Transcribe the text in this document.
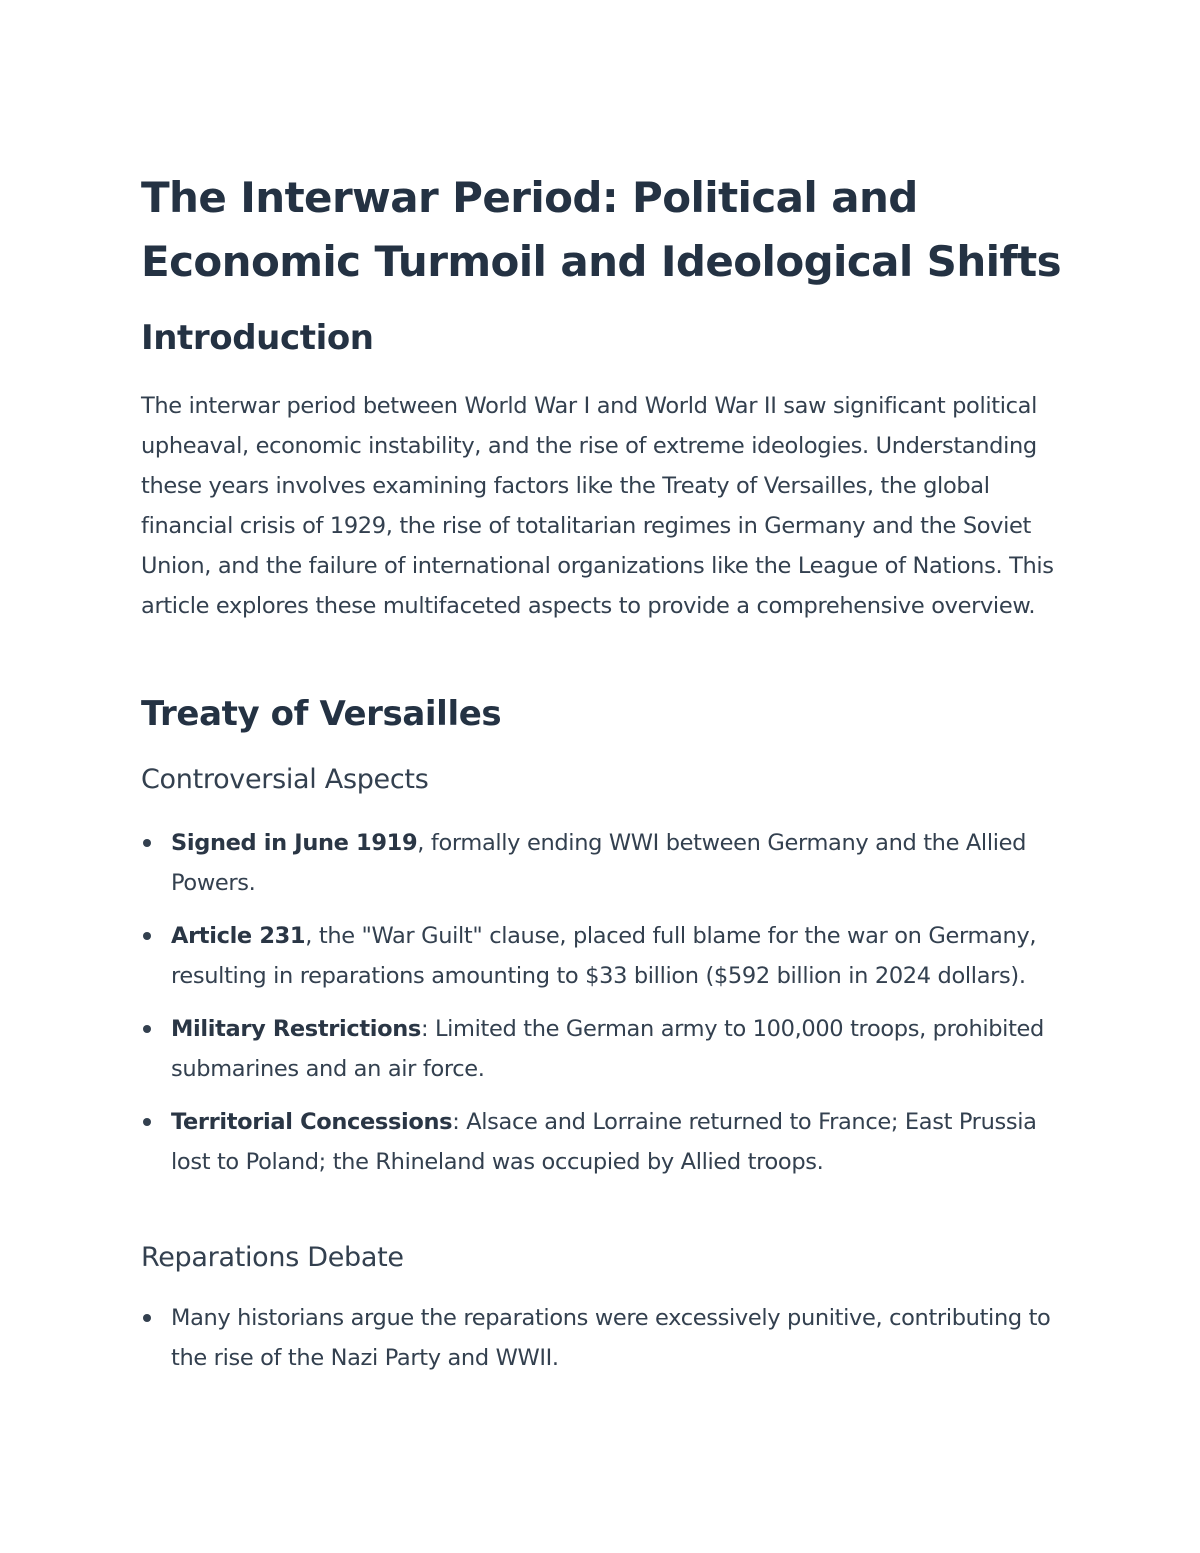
The Interwar Period: Political and Economic Turmoil and Ideological Shifts
Introduction

The interwar period between World War I and World War II saw significant political upheaval, economic instability, and the rise of extreme ideologies. Understanding these years involves examining factors like the Treaty of Versailles, the global financial crisis of 1929, the rise of totalitarian regimes in Germany and the Soviet Union, and the failure of international organizations like the League of Nations. This article explores these multifaceted aspects to provide a comprehensive overview.

Treaty of Versailles
Controversial Aspects
Signed in June 1919, formally ending WWI between Germany and the Allied Powers.
Article 231, the "War Guilt" clause, placed full blame for the war on Germany, resulting in reparations amounting to $33 billion ($592 billion in 2024 dollars).
Military Restrictions: Limited the German army to 100,000 troops, prohibited submarines and an air force.
Territorial Concessions: Alsace and Lorraine returned to France; East Prussia lost to Poland; the Rhineland was occupied by Allied troops.
Reparations Debate
Many historians argue the reparations were excessively punitive, contributing to the rise of the Nazi Party and WWII.
